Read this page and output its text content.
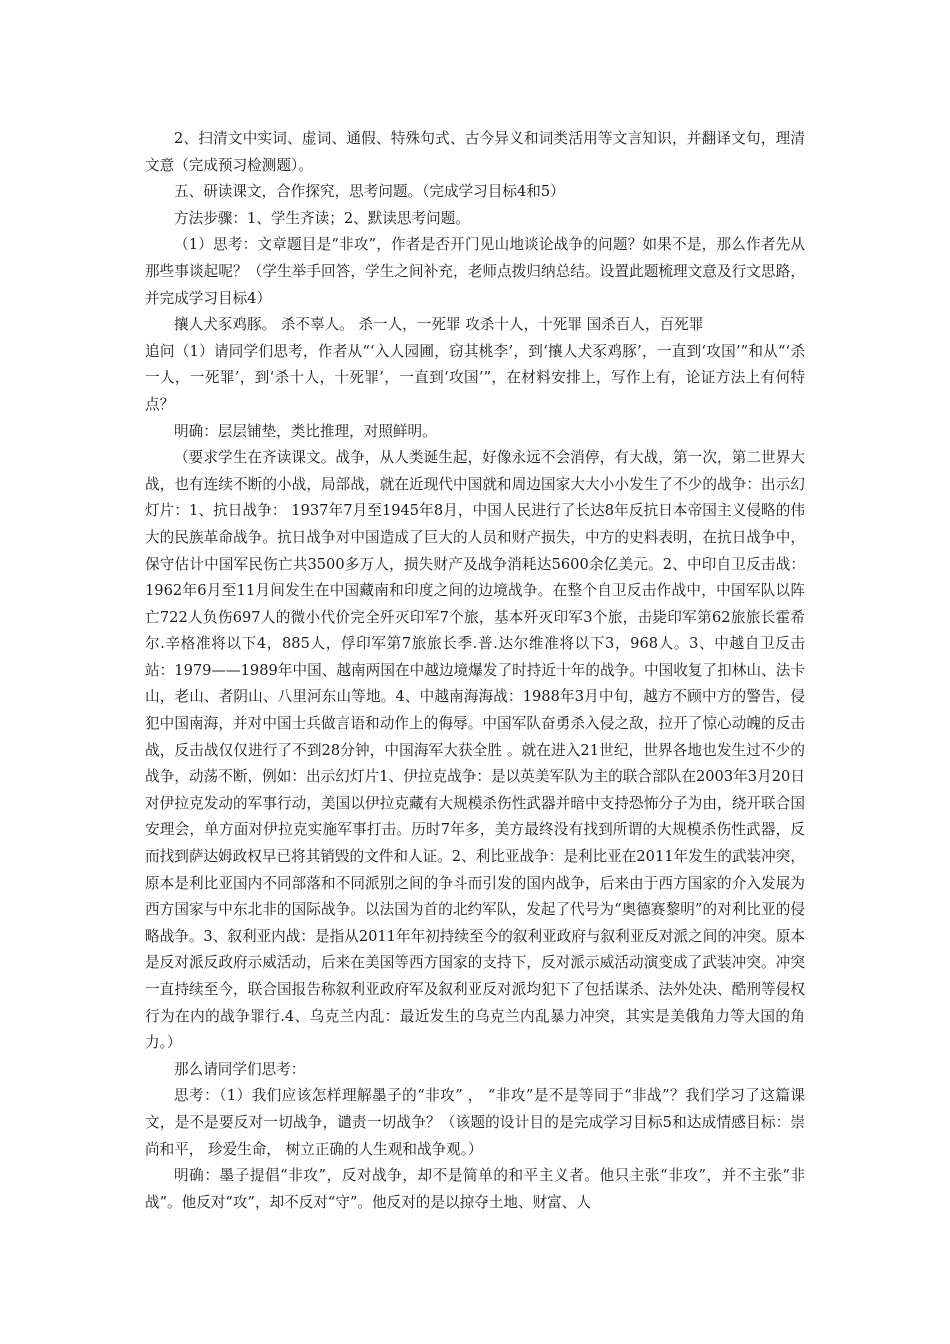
2、扫清文中实词、虚词、通假、特殊句式、古今异义和词类活用等文言知识，并翻译文句，理清文意（完成预习检测题）。

五、研读课文，合作探究，思考问题。（完成学习目标4和5）

方法步骤：1、学生齐读；2、默读思考问题。

（1）思考：文章题目是“非攻”，作者是否开门见山地谈论战争的问题？如果不是，那么作者先从那些事谈起呢？（学生举手回答，学生之间补充，老师点拨归纳总结。设置此题梳理文意及行文思路，并完成学习目标4）

攘人犬豕鸡豚。 杀不辜人。 杀一人，一死罪 攻杀十人，十死罪 国杀百人，百死罪

追问（1）请同学们思考，作者从“‘入人园圃，窃其桃李’，到‘攘人犬豕鸡豚’，一直到‘攻国’”和从“‘杀一人，一死罪’，到‘杀十人，十死罪’，一直到‘攻国’”，在材料安排上，写作上有，论证方法上有何特点？

明确：层层铺垫，类比推理，对照鲜明。

（要求学生在齐读课文。战争，从人类诞生起，好像永远不会消停，有大战，第一次，第二世界大战，也有连续不断的小战，局部战，就在近现代中国就和周边国家大大小小发生了不少的战争：出示幻灯片：1、抗日战争： 1937年7月至1945年8月，中国人民进行了长达8年反抗日本帝国主义侵略的伟大的民族革命战争。抗日战争对中国造成了巨大的人员和财产损失，中方的史料表明，在抗日战争中，保守估计中国军民伤亡共3500多万人，损失财产及战争消耗达5600余亿美元。2、中印自卫反击战：1962年6月至11月间发生在中国藏南和印度之间的边境战争。在整个自卫反击作战中，中国军队以阵亡722人负伤697人的微小代价完全歼灭印军7个旅，基本歼灭印军3个旅，击毙印军第62旅旅长霍希尔.辛格准将以下4，885人，俘印军第7旅旅长季.普.达尔维准将以下3，968人。3、中越自卫反击站：1979——1989年中国、越南两国在中越边境爆发了时持近十年的战争。中国收复了扣林山、法卡山，老山、者阴山、八里河东山等地。4、中越南海海战：1988年3月中旬，越方不顾中方的警告，侵犯中国南海，并对中国士兵做言语和动作上的侮辱。中国军队奋勇杀入侵之敌，拉开了惊心动魄的反击战，反击战仅仅进行了不到28分钟，中国海军大获全胜 。就在进入21世纪，世界各地也发生过不少的战争，动荡不断，例如：出示幻灯片1、伊拉克战争：是以英美军队为主的联合部队在2003年3月20日对伊拉克发动的军事行动，美国以伊拉克藏有大规模杀伤性武器并暗中支持恐怖分子为由，绕开联合国安理会，单方面对伊拉克实施军事打击。历时7年多，美方最终没有找到所谓的大规模杀伤性武器，反而找到萨达姆政权早已将其销毁的文件和人证。2、利比亚战争：是利比亚在2011年发生的武装冲突，原本是利比亚国内不同部落和不同派别之间的争斗而引发的国内战争，后来由于西方国家的介入发展为西方国家与中东北非的国际战争。以法国为首的北约军队，发起了代号为“奥德赛黎明”的对利比亚的侵略战争。3、叙利亚内战：是指从2011年年初持续至今的叙利亚政府与叙利亚反对派之间的冲突。原本是反对派反政府示威活动，后来在美国等西方国家的支持下，反对派示威活动演变成了武装冲突。冲突一直持续至今，联合国报告称叙利亚政府军及叙利亚反对派均犯下了包括谋杀、法外处决、酷刑等侵权行为在内的战争罪行.4、乌克兰内乱：最近发生的乌克兰内乱暴力冲突，其实是美俄角力等大国的角力。）

那么请同学们思考：

思考：（1）我们应该怎样理解墨子的“非攻” ， “非攻”是不是等同于“非战”？我们学习了这篇课文，是不是要反对一切战争，谴责一切战争？（该题的设计目的是完成学习目标5和达成情感目标：崇尚和平， 珍爱生命， 树立正确的人生观和战争观。）

明确：墨子提倡“非攻”，反对战争，却不是简单的和平主义者。他只主张“非攻”，并不主张“非战”。他反对“攻”，却不反对“守”。他反对的是以掠夺土地、财富、人
